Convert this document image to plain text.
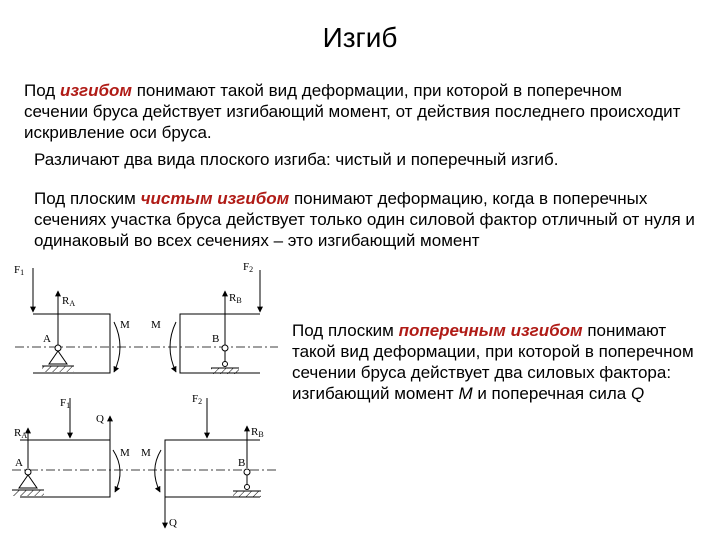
Изгиб

Под изгибом понимают такой вид деформации, при которой в поперечном сечении бруса действует изгибающий момент, от действия последнего происходит искривление оси бруса.

Различают два вида плоского изгиба: чистый и поперечный изгиб.

Под плоским чистым изгибом понимают деформацию, когда в поперечных сечениях участка бруса действует только один силовой фактор отличный от нуля и одинаковый во всех сечениях – это изгибающий момент

Под плоским поперечным изгибом понимают такой вид деформации, при которой в поперечном сечении бруса действует два силовых фактора: изгибающий момент M и поперечная сила Q

F1	F2
RA	RB
A	B
M M
F1
F2
RA	RB
Q
Q
A	B
M M
